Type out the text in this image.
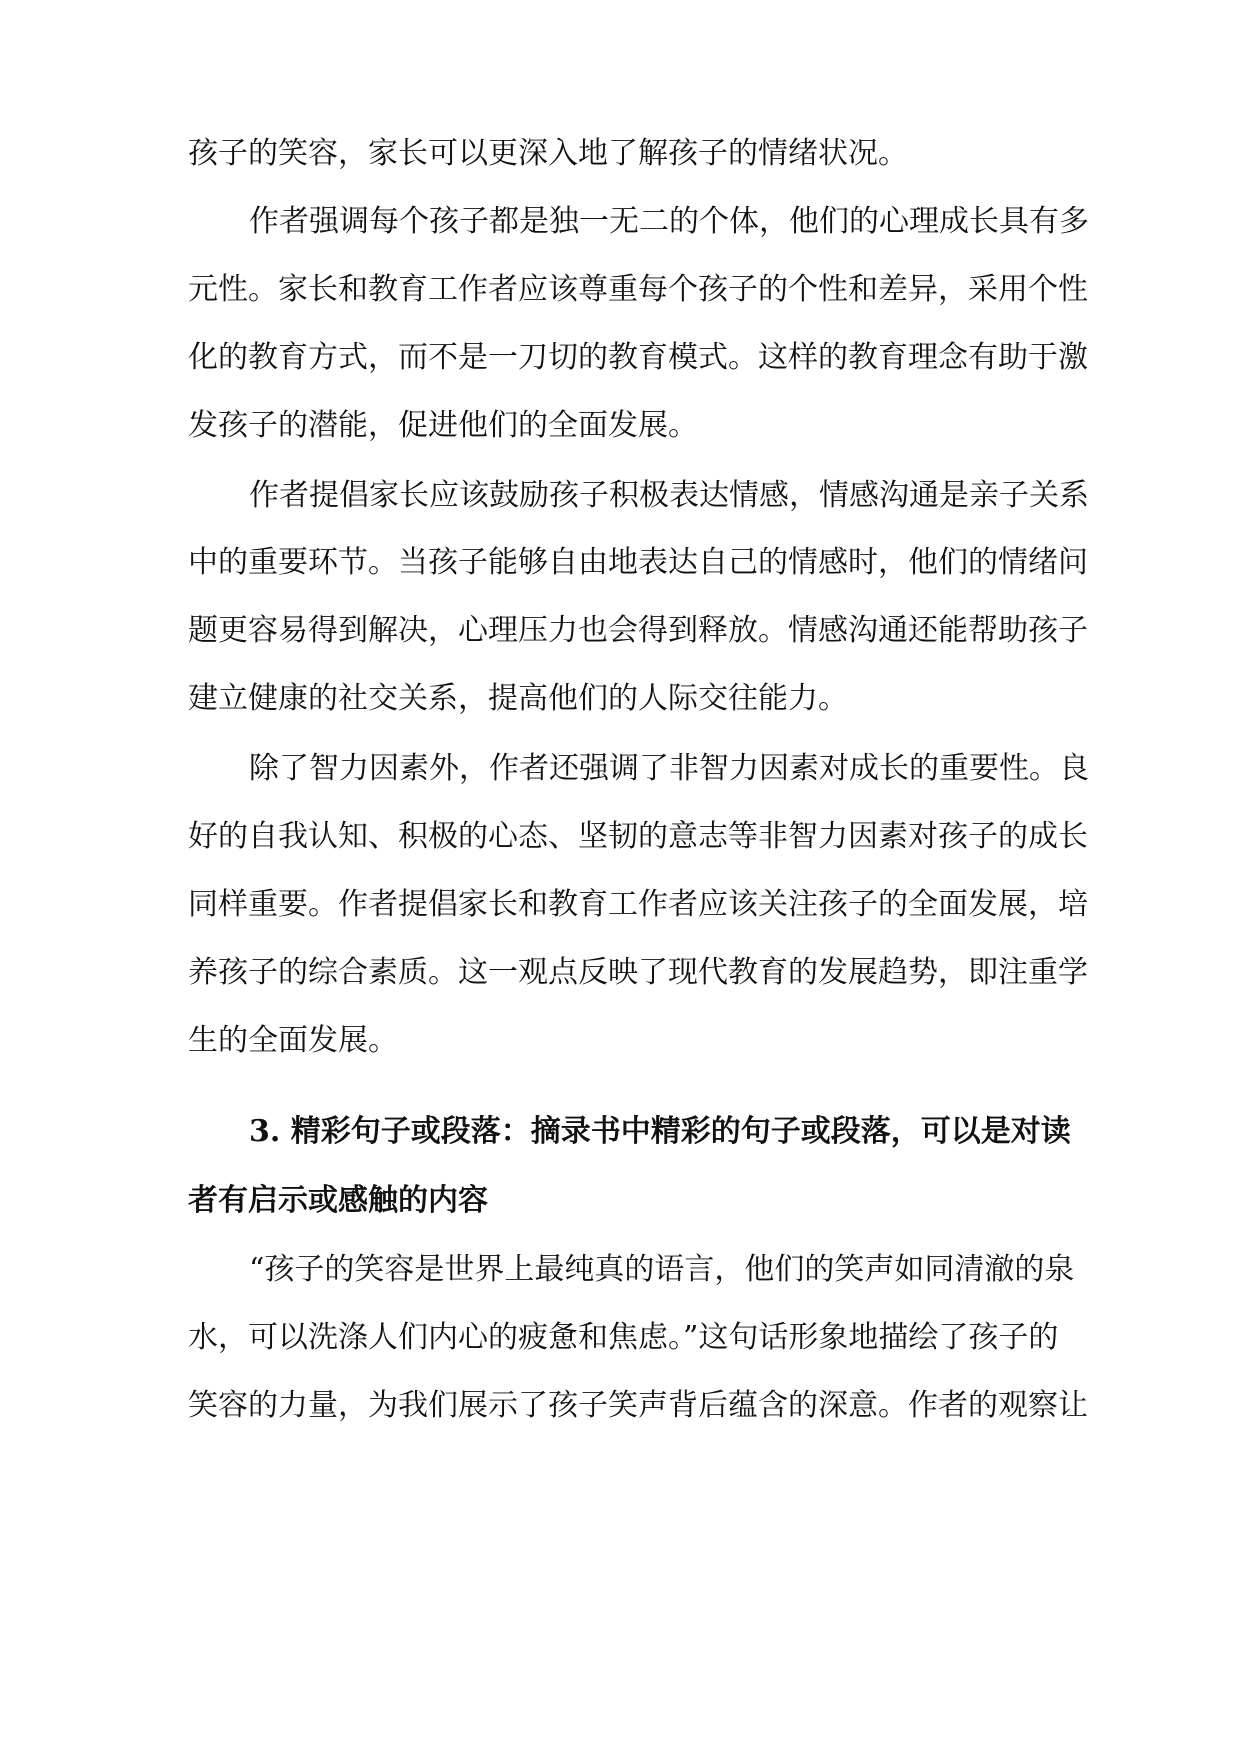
孩子的笑容，家长可以更深入地了解孩子的情绪状况。
作者强调每个孩子都是独一无二的个体，他们的心理成长具有多
元性。家长和教育工作者应该尊重每个孩子的个性和差异，采用个性
化的教育方式，而不是一刀切的教育模式。这样的教育理念有助于激
发孩子的潜能，促进他们的全面发展。
作者提倡家长应该鼓励孩子积极表达情感，情感沟通是亲子关系
中的重要环节。当孩子能够自由地表达自己的情感时，他们的情绪问
题更容易得到解决，心理压力也会得到释放。情感沟通还能帮助孩子
建立健康的社交关系，提高他们的人际交往能力。
除了智力因素外，作者还强调了非智力因素对成长的重要性。良
好的自我认知、积极的心态、坚韧的意志等非智力因素对孩子的成长
同样重要。作者提倡家长和教育工作者应该关注孩子的全面发展，培
养孩子的综合素质。这一观点反映了现代教育的发展趋势，即注重学
生的全面发展。
3. 精彩句子或段落：摘录书中精彩的句子或段落，可以是对读
者有启示或感触的内容
“孩子的笑容是世界上最纯真的语言，他们的笑声如同清澈的泉
水，可以洗涤人们内心的疲惫和焦虑。”这句话形象地描绘了孩子的
笑容的力量，为我们展示了孩子笑声背后蕴含的深意。作者的观察让
